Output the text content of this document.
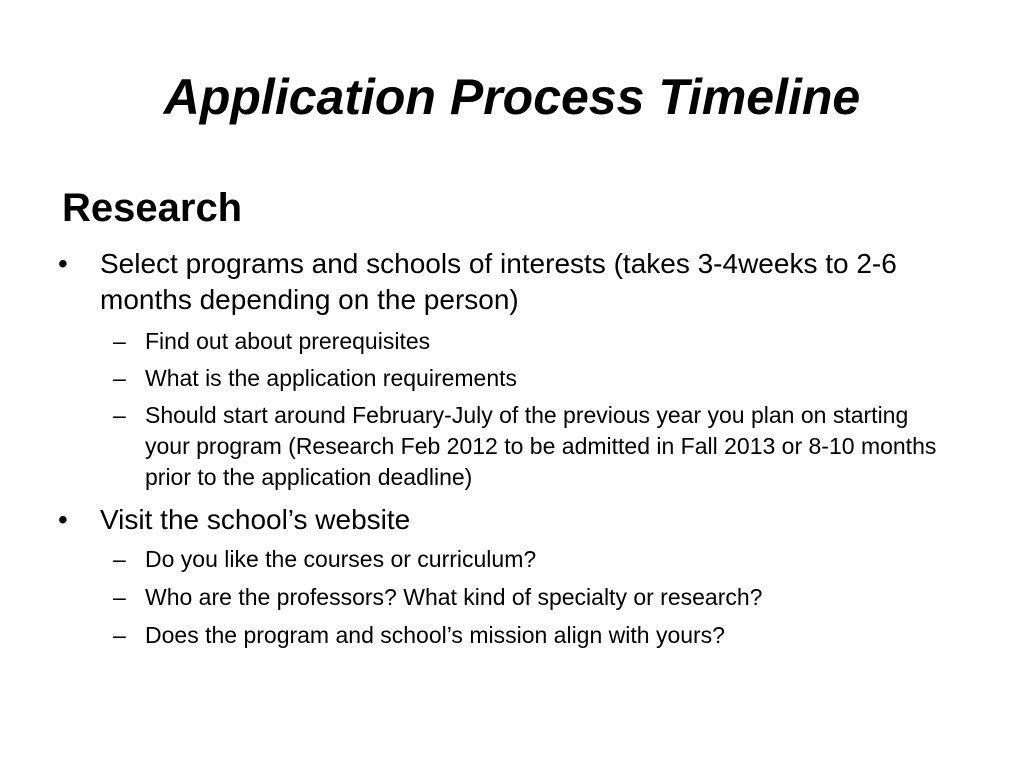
Application Process Timeline
Research
• Select programs and schools of interests (takes 3-4weeks to 2-6 months depending on the person)
– Find out about prerequisites
– What is the application requirements
– Should start around February-July of the previous year you plan on starting your program (Research Feb 2012 to be admitted in Fall 2013 or 8-10 months prior to the application deadline)
• Visit the school’s website
– Do you like the courses or curriculum?
– Who are the professors? What kind of specialty or research?
– Does the program and school’s mission align with yours?
